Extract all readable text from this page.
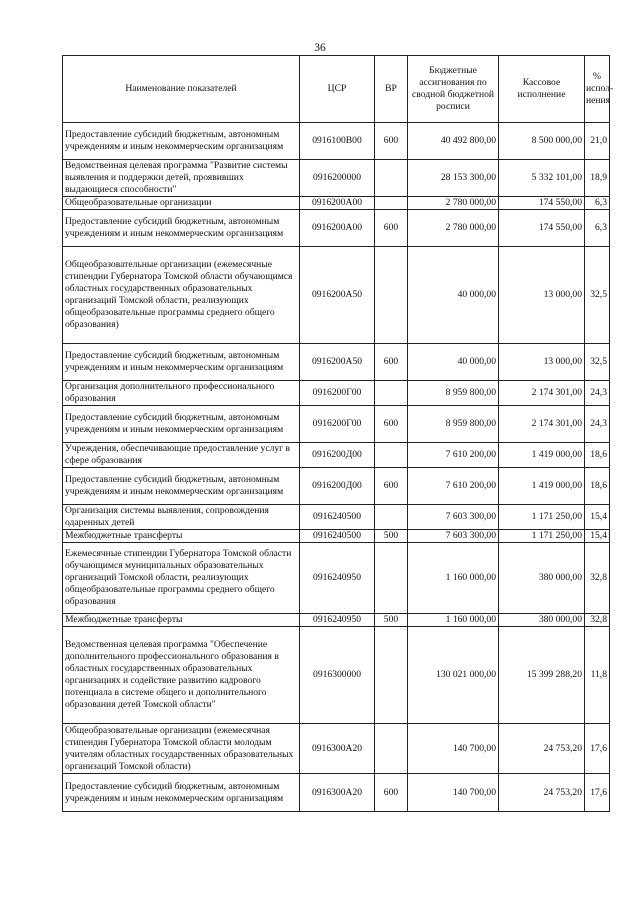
36
Наименование показателей	ЦСР	ВР	Бюджетные ассигнования по сводной бюджетной росписи	Кассовое исполнение	% испол-нения
Предоставление субсидий бюджетным, автономным учреждениям и иным некоммерческим организациям	0916100В00	600	40 492 800,00	8 500 000,00	21,0
Ведомственная целевая программа "Развитие системы выявления и поддержки детей, проявивших выдающиеся способности"	0916200000		28 153 300,00	5 332 101,00	18,9
Общеобразовательные организации	0916200А00		2 780 000,00	174 550,00	6,3
Предоставление субсидий бюджетным, автономным учреждениям и иным некоммерческим организациям	0916200А00	600	2 780 000,00	174 550,00	6,3
Общеобразовательные организации (ежемесячные стипендии Губернатора Томской области обучающимся областных государственных образовательных организаций Томской области, реализующих общеобразовательные программы среднего общего образования)	0916200А50		40 000,00	13 000,00	32,5
Предоставление субсидий бюджетным, автономным учреждениям и иным некоммерческим организациям	0916200А50	600	40 000,00	13 000,00	32,5
Организация дополнительного профессионального образования	0916200Г00		8 959 800,00	2 174 301,00	24,3
Предоставление субсидий бюджетным, автономным учреждениям и иным некоммерческим организациям	0916200Г00	600	8 959 800,00	2 174 301,00	24,3
Учреждения, обеспечивающие предоставление услуг в сфере образования	0916200Д00		7 610 200,00	1 419 000,00	18,6
Предоставление субсидий бюджетным, автономным учреждениям и иным некоммерческим организациям	0916200Д00	600	7 610 200,00	1 419 000,00	18,6
Организация системы выявления, сопровождения одаренных детей	0916240500		7 603 300,00	1 171 250,00	15,4
Межбюджетные трансферты	0916240500	500	7 603 300,00	1 171 250,00	15,4
Ежемесячные стипендии Губернатора Томской области обучающимся муниципальных образовательных организаций Томской области, реализующих общеобразовательные программы среднего общего образования	0916240950		1 160 000,00	380 000,00	32,8
Межбюджетные трансферты	0916240950	500	1 160 000,00	380 000,00	32,8
Ведомственная целевая программа "Обеспечение дополнительного профессионального образования в областных государственных образовательных организациях и содействие развитию кадрового потенциала в системе общего и дополнительного образования детей Томской области"	0916300000		130 021 000,00	15 399 288,20	11,8
Общеобразовательные организации (ежемесячная стипендия Губернатора Томской области молодым учителям областных государственных образовательных организаций Томской области)	0916300А20		140 700,00	24 753,20	17,6
Предоставление субсидий бюджетным, автономным учреждениям и иным некоммерческим организациям	0916300А20	600	140 700,00	24 753,20	17,6
